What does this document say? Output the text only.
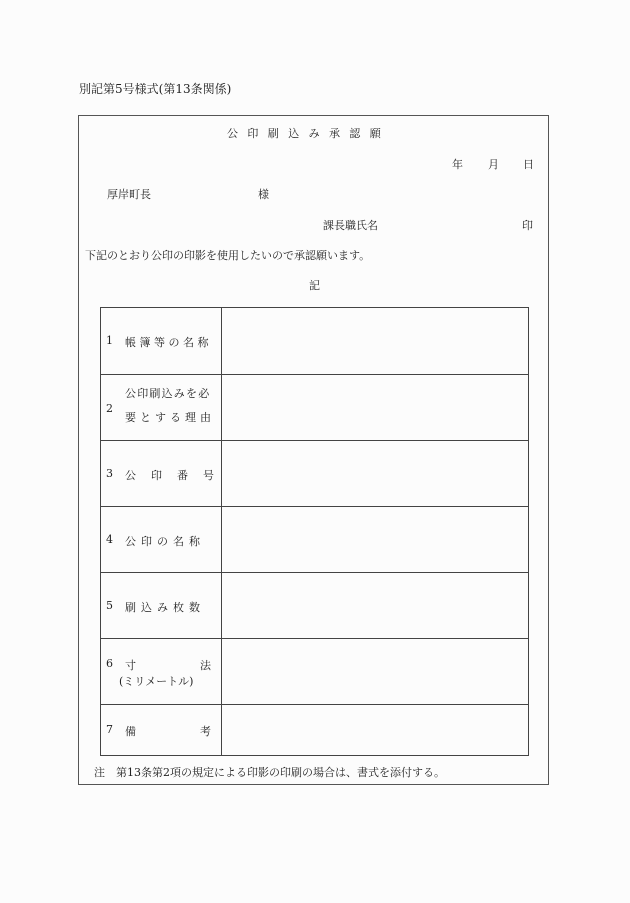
別記第5号様式(第13条関係)
公印刷込み承認願
年 月 日
厚岸町長	様
課長職氏名	印
下記のとおり公印の印影を使用したいので承認願います。
記
1 帳簿等の名称
2
公印刷込みを必
要とする理由
3 公印番号
4 公印の名称
5 刷込み枚数
6 寸法
(ミリメートル)
7 備考
注　第13条第2項の規定による印影の印刷の場合は、書式を添付する。
